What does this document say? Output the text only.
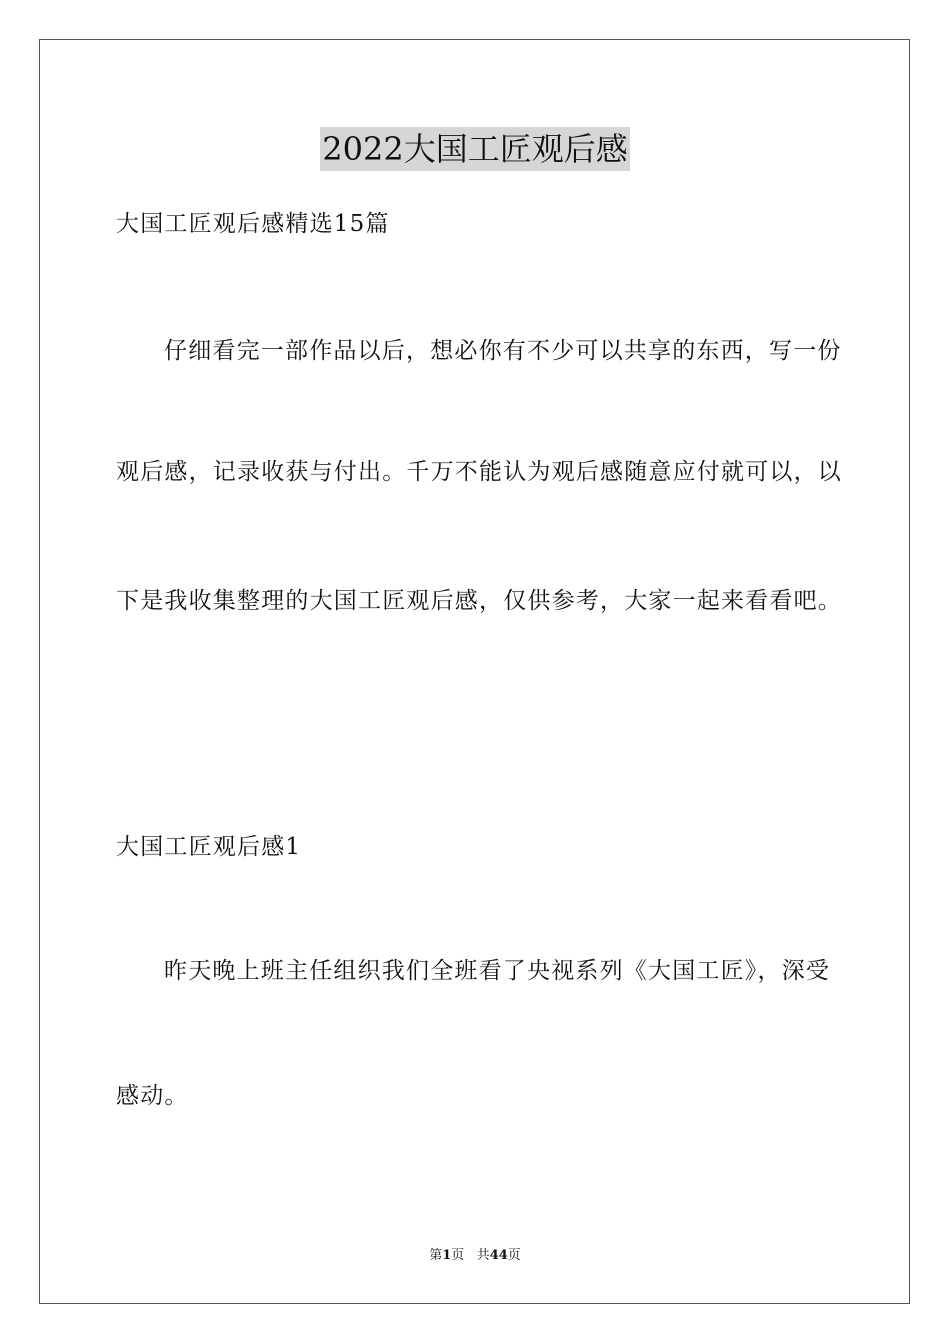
2022大国工匠观后感
大国工匠观后感精选15篇
仔细看完一部作品以后，想必你有不少可以共享的东西，写一份
观后感，记录收获与付出。千万不能认为观后感随意应付就可以，以
下是我收集整理的大国工匠观后感，仅供参考，大家一起来看看吧。
大国工匠观后感1
昨天晚上班主任组织我们全班看了央视系列《大国工匠》，深受
感动。
第1页 共44页
